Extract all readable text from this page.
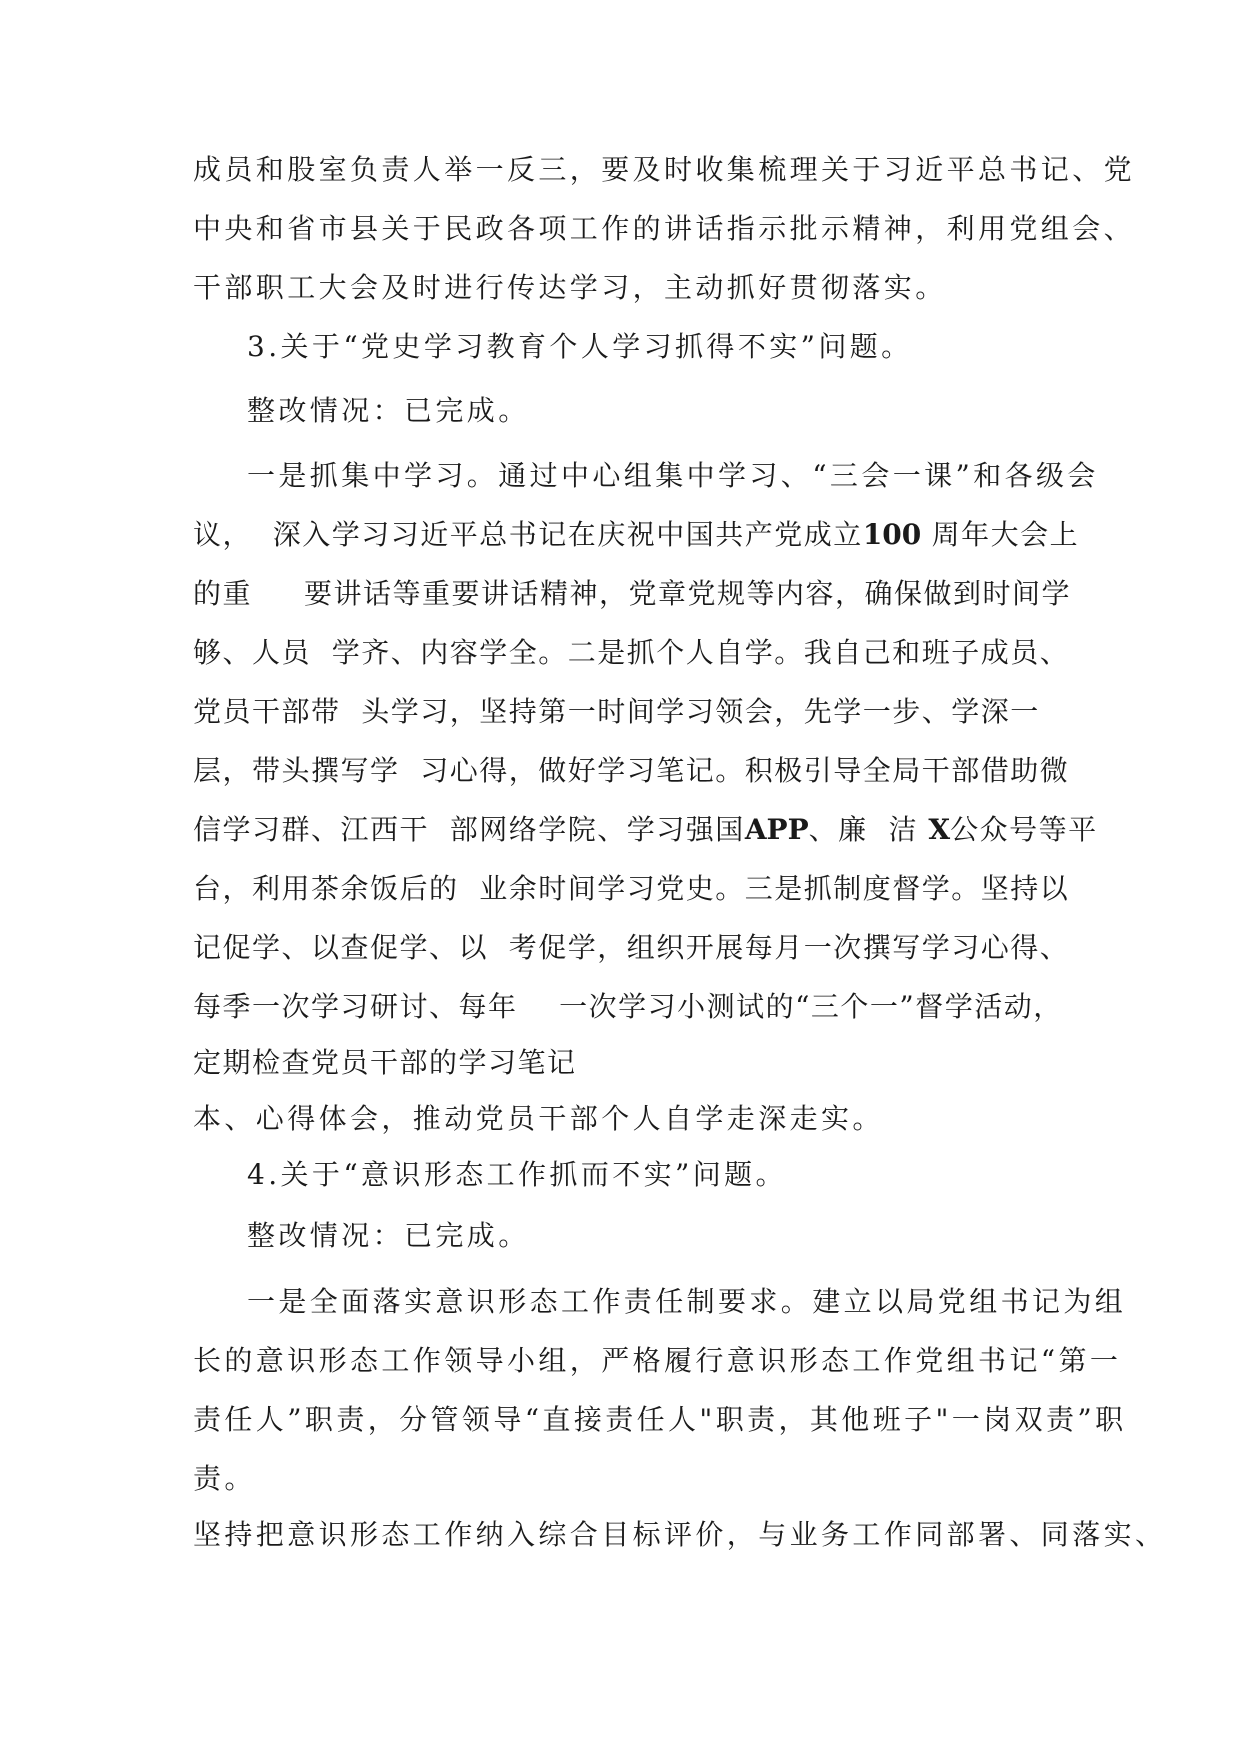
成员和股室负责人举一反三，要及时收集梳理关于习近平总书记、党
中央和省市县关于民政各项工作的讲话指示批示精神，利用党组会、
干部职工大会及时进行传达学习，主动抓好贯彻落实。
3.关于“党史学习教育个人学习抓得不实”问题。
整改情况：已完成。
一是抓集中学习。通过中心组集中学习、“三会一课”和各级会
议，  深入学习习近平总书记在庆祝中国共产党成立100 周年大会上
的重     要讲话等重要讲话精神，党章党规等内容，确保做到时间学
够、人员  学齐、内容学全。二是抓个人自学。我自己和班子成员、
党员干部带  头学习，坚持第一时间学习领会，先学一步、学深一
层，带头撰写学  习心得，做好学习笔记。积极引导全局干部借助微
信学习群、江西干  部网络学院、学习强国APP、廉  洁 X公众号等平
台，利用茶余饭后的  业余时间学习党史。三是抓制度督学。坚持以
记促学、以查促学、以  考促学，组织开展每月一次撰写学习心得、
每季一次学习研讨、每年    一次学习小测试的“三个一”督学活动，
定期检查党员干部的学习笔记
本、心得体会，推动党员干部个人自学走深走实。
4.关于“意识形态工作抓而不实”问题。
整改情况：已完成。
一是全面落实意识形态工作责任制要求。建立以局党组书记为组
长的意识形态工作领导小组，严格履行意识形态工作党组书记“第一
责任人”职责，分管领导“直接责任人"职责，其他班子"一岗双责”职
责。
坚持把意识形态工作纳入综合目标评价，与业务工作同部署、同落实、
